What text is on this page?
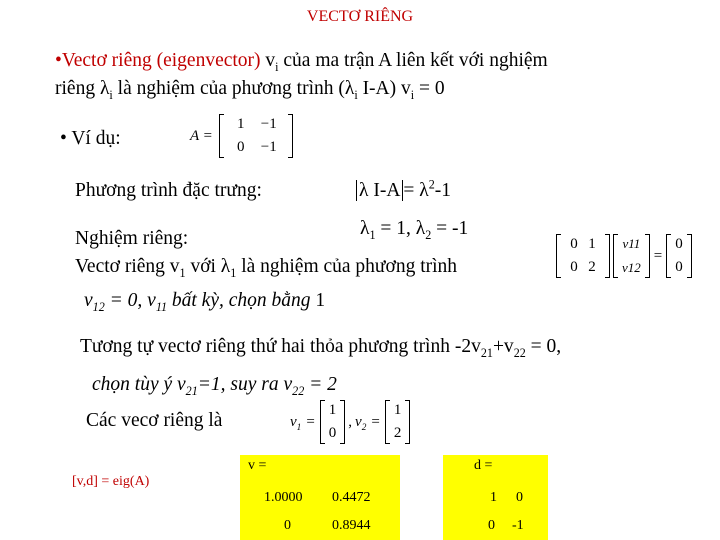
VECTƠ RIÊNG
•Vectơ riêng (eigenvector) $v_i$ của ma trận A liên kết với nghiệm
riêng $\lambda_i$ là nghiệm của phương trình ($\lambda_i$ I-A) $v_i = 0$
• Ví dụ:	A =
1 −1
0 −1
Phương trình đặc trưng:	λ $I-A = \lambda^2-1$
$\lambda_1 = 1$, $\lambda_2 = -1$
Nghiệm riêng:
Vectơ riêng $v_1$ với $\lambda_1$ là nghiệm của phương trình
0 1
0 2
v11
v12
=
0
0
$v_{12} = 0$, $v_{11}$ bất kỳ, chọn bằng 1
Tương tự vectơ riêng thứ hai thỏa phương trình $-2v_{21}+v_{22} = 0$,
chọn tùy ý $v_{21}=1$, suy ra $v_{22} = 2$
Các vecơ riêng là	$v_1$ =
1
0
, $v_2$ =
1
2
[v,d] = eig(A)
v =
1.0000 0.4472
0	0.8944
d =
1 0
0 -1
